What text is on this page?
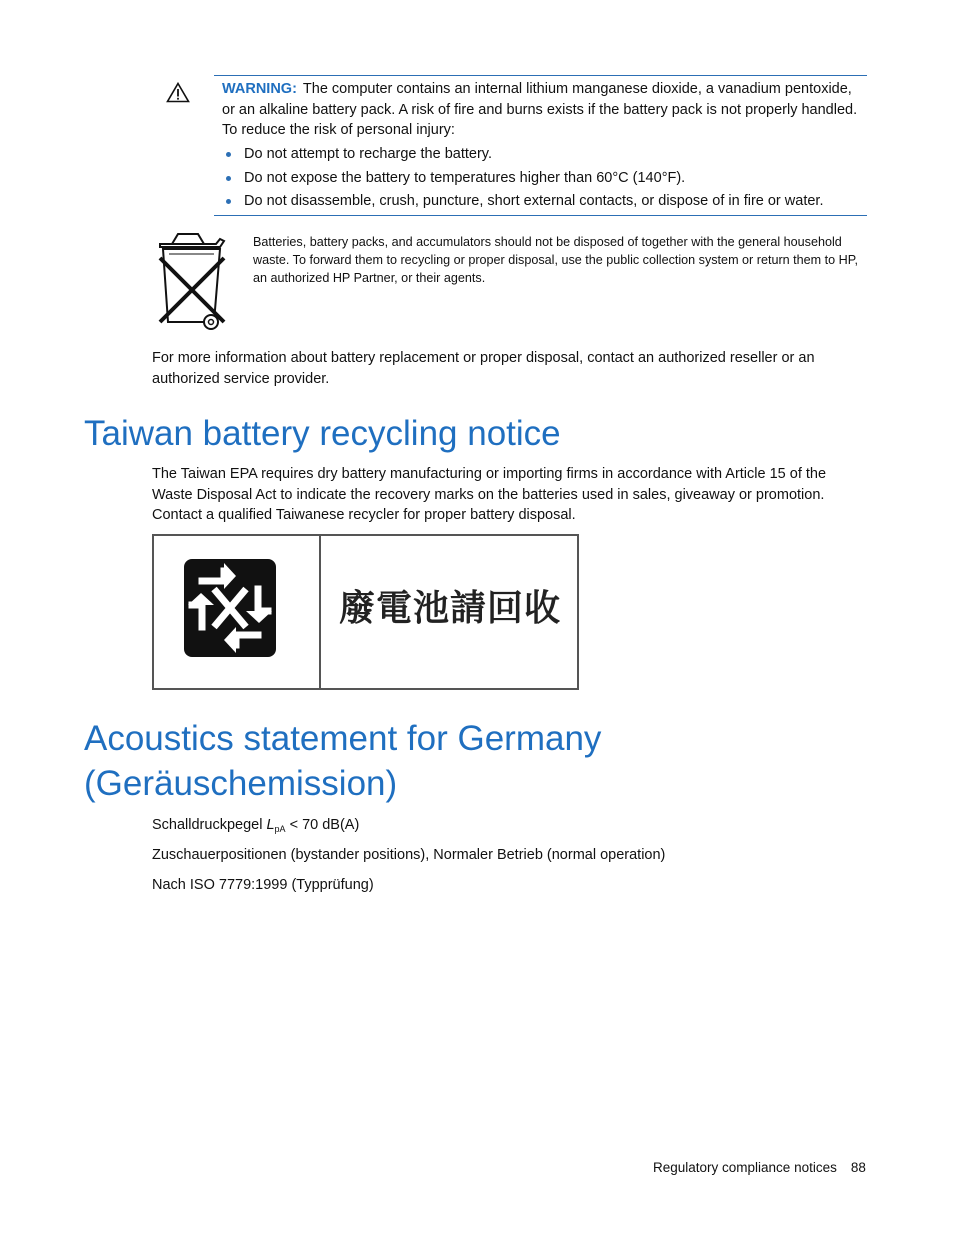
WARNING: The computer contains an internal lithium manganese dioxide, a vanadium pentoxide, or an alkaline battery pack. A risk of fire and burns exists if the battery pack is not properly handled. To reduce the risk of personal injury:
Do not attempt to recharge the battery.
Do not expose the battery to temperatures higher than 60°C (140°F).
Do not disassemble, crush, puncture, short external contacts, or dispose of in fire or water.
Batteries, battery packs, and accumulators should not be disposed of together with the general household waste. To forward them to recycling or proper disposal, use the public collection system or return them to HP, an authorized HP Partner, or their agents.
For more information about battery replacement or proper disposal, contact an authorized reseller or an authorized service provider.
Taiwan battery recycling notice
The Taiwan EPA requires dry battery manufacturing or importing firms in accordance with Article 15 of the Waste Disposal Act to indicate the recovery marks on the batteries used in sales, giveaway or promotion. Contact a qualified Taiwanese recycler for proper battery disposal.
廢電池請回收
Acoustics statement for Germany
(Geräuschemission)
Schalldruckpegel $L_{pA} < 70$ dB(A)
Zuschauerpositionen (bystander positions), Normaler Betrieb (normal operation)
Nach ISO 7779:1999 (Typprüfung)
Regulatory compliance notices 88
